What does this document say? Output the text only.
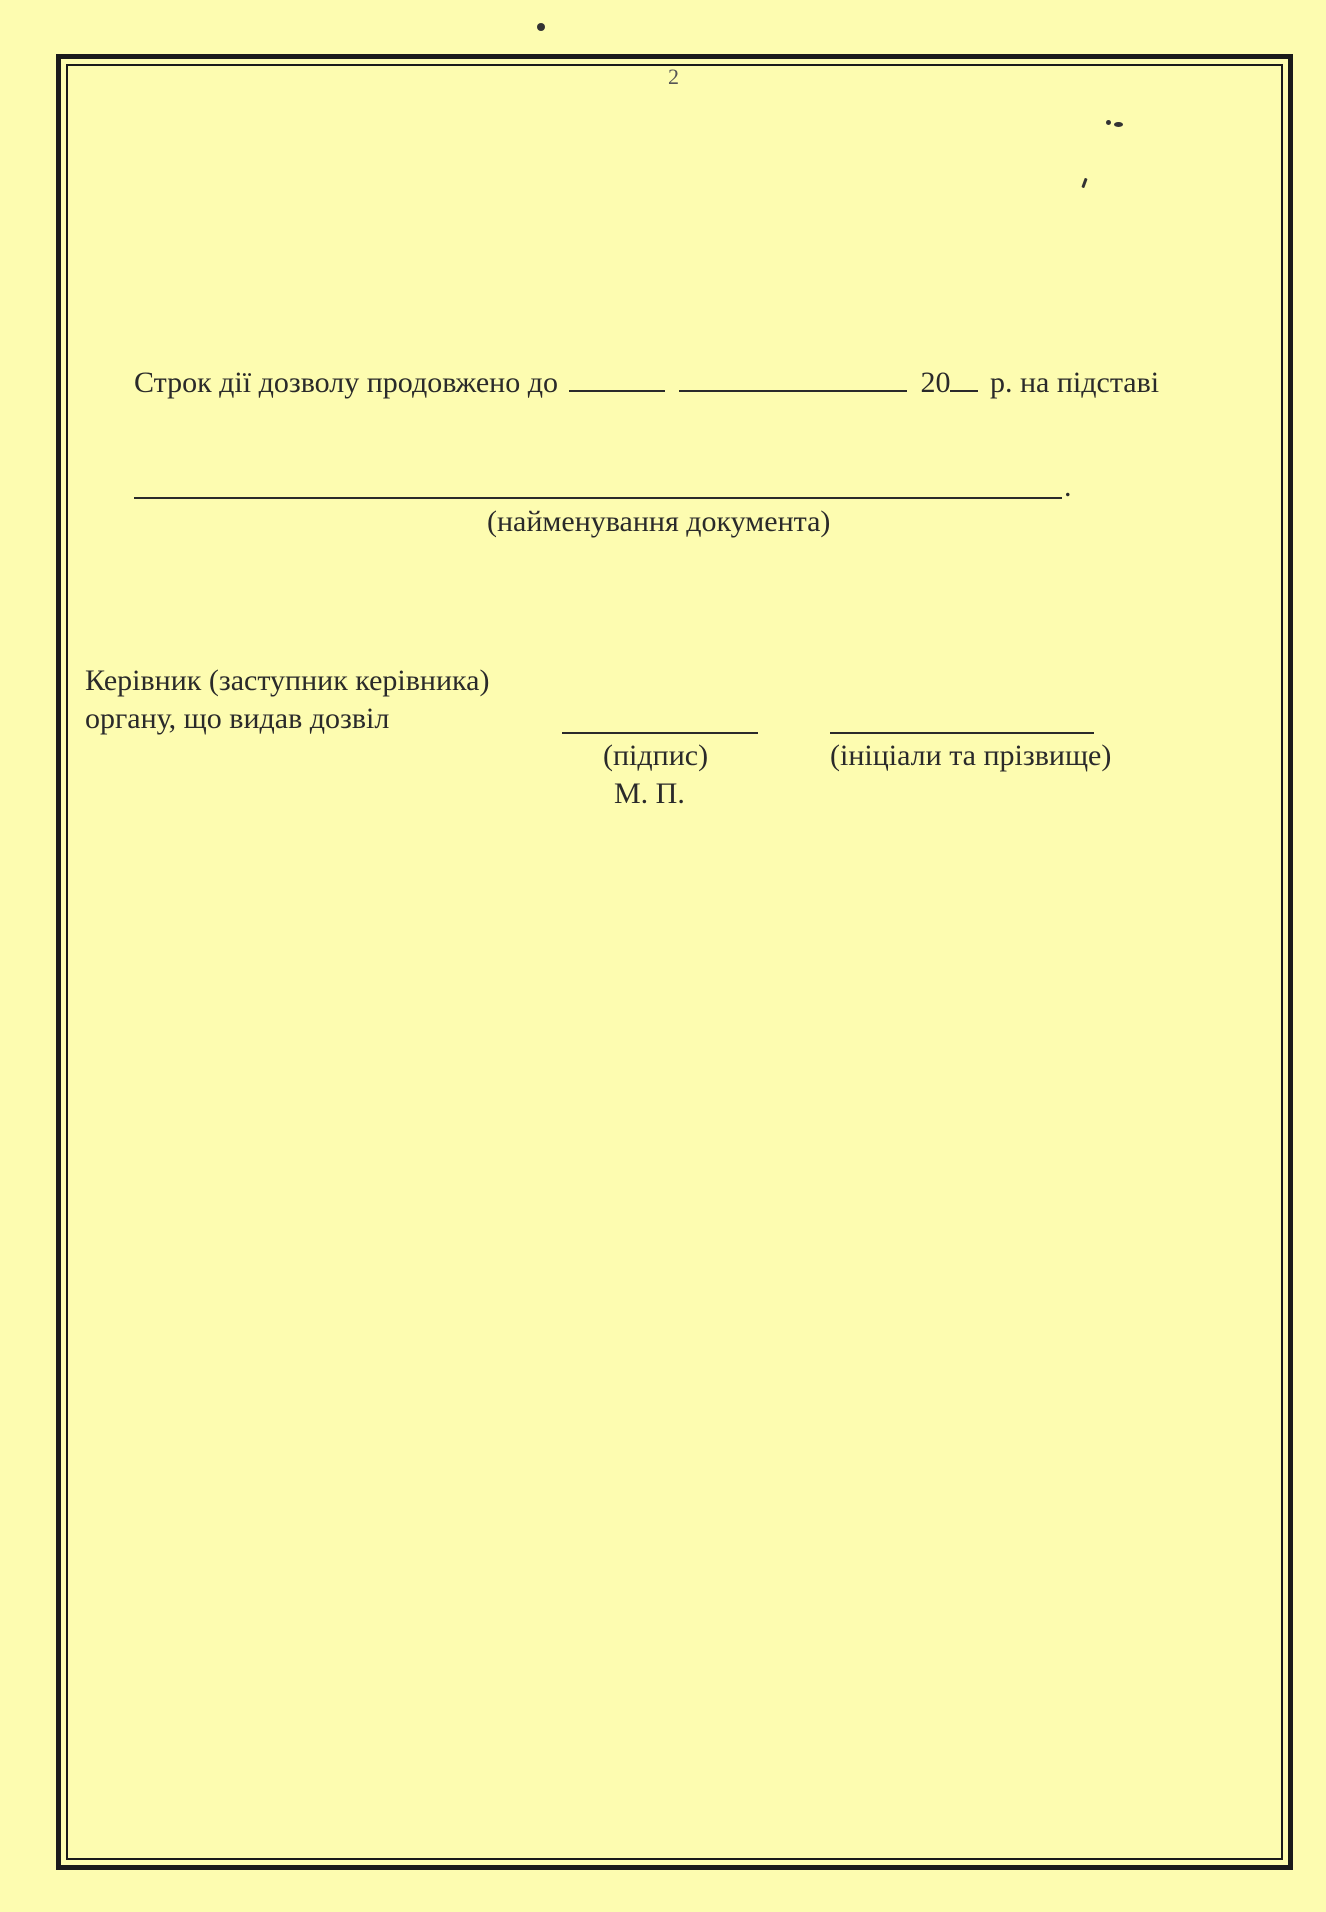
2
Строк дії дозволу продовжено до	20 р. на підставі
.
(найменування документа)
Керівник (заступник керівника)
органу, що видав дозвіл
(підпис)	(ініціали та прізвище)
М. П.
